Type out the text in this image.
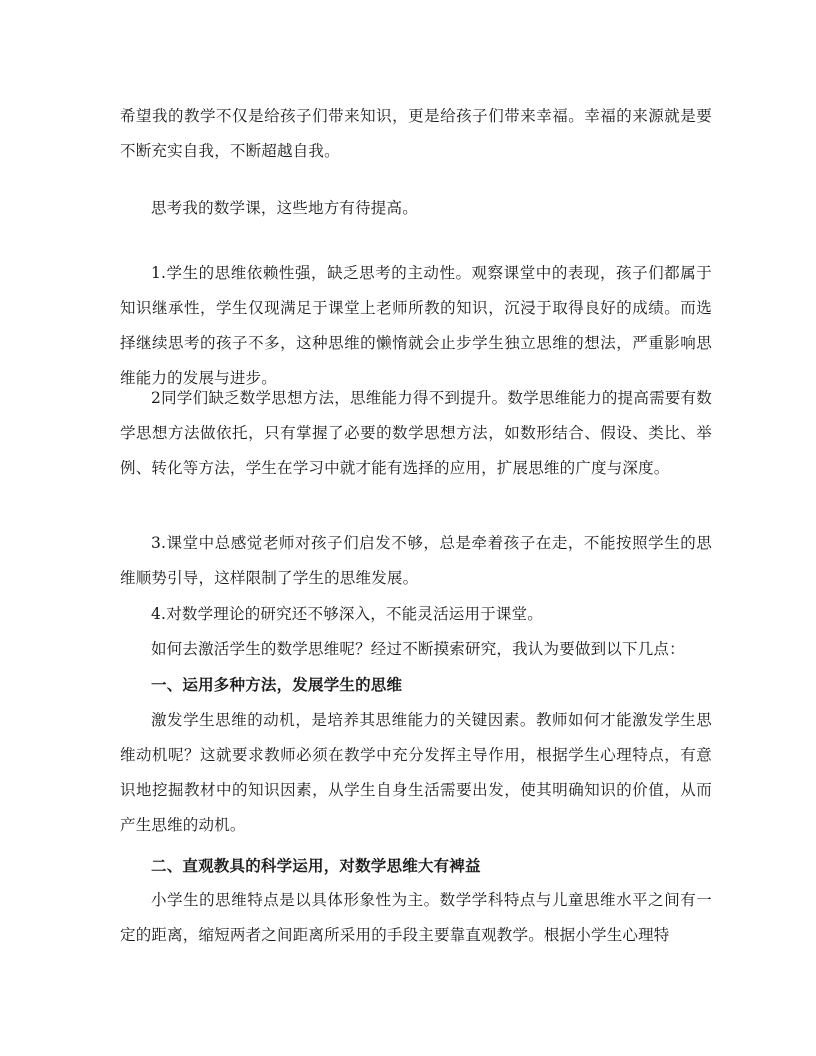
希望我的教学不仅是给孩子们带来知识，更是给孩子们带来幸福。幸福的来源就是要不断充实自我，不断超越自我。

思考我的数学课，这些地方有待提高。

1.学生的思维依赖性强，缺乏思考的主动性。观察课堂中的表现，孩子们都属于知识继承性，学生仅现满足于课堂上老师所教的知识，沉浸于取得良好的成绩。而选择继续思考的孩子不多，这种思维的懒惰就会止步学生独立思维的想法，严重影响思维能力的发展与进步。

2同学们缺乏数学思想方法，思维能力得不到提升。数学思维能力的提高需要有数学思想方法做依托，只有掌握了必要的数学思想方法，如数形结合、假设、类比、举例、转化等方法，学生在学习中就才能有选择的应用，扩展思维的广度与深度。

3.课堂中总感觉老师对孩子们启发不够，总是牵着孩子在走，不能按照学生的思维顺势引导，这样限制了学生的思维发展。

4.对数学理论的研究还不够深入，不能灵活运用于课堂。

如何去激活学生的数学思维呢？经过不断摸索研究，我认为要做到以下几点：

一、运用多种方法，发展学生的思维

激发学生思维的动机，是培养其思维能力的关键因素。教师如何才能激发学生思维动机呢？这就要求教师必须在教学中充分发挥主导作用，根据学生心理特点，有意识地挖掘教材中的知识因素，从学生自身生活需要出发，使其明确知识的价值，从而产生思维的动机。

二、直观教具的科学运用，对数学思维大有裨益

小学生的思维特点是以具体形象性为主。数学学科特点与儿童思维水平之间有一定的距离，缩短两者之间距离所采用的手段主要靠直观教学。根据小学生心理特
